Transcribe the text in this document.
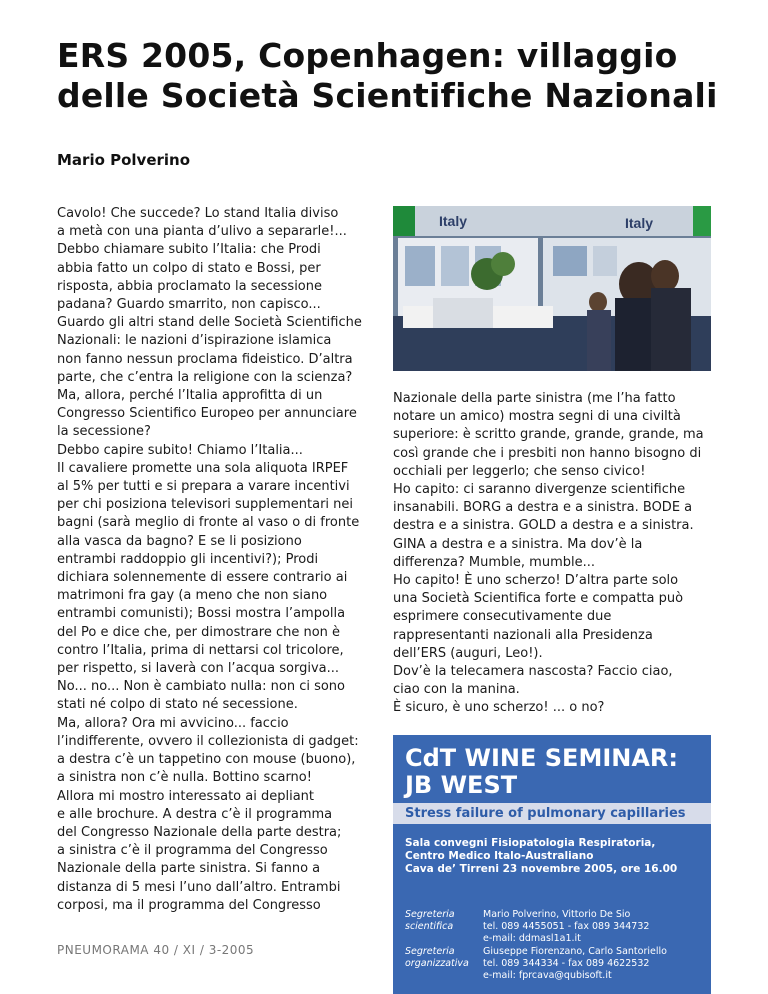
ERS 2005, Copenhagen: villaggio
delle Società Scientifiche Nazionali
Mario Polverino

Cavolo! Che succede? Lo stand Italia diviso

a metà con una pianta d’ulivo a separarle!...

Debbo chiamare subito l’Italia: che Prodi

abbia fatto un colpo di stato e Bossi, per

risposta, abbia proclamato la secessione

padana? Guardo smarrito, non capisco...

Guardo gli altri stand delle Società Scientifiche

Nazionali: le nazioni d’ispirazione islamica

non fanno nessun proclama fideistico. D’altra

parte, che c’entra la religione con la scienza?

Ma, allora, perché l’Italia approfitta di un

Congresso Scientifico Europeo per annunciare

la secessione?

Debbo capire subito! Chiamo l’Italia...

Il cavaliere promette una sola aliquota IRPEF

al 5% per tutti e si prepara a varare incentivi

per chi posiziona televisori supplementari nei

bagni (sarà meglio di fronte al vaso o di fronte

alla vasca da bagno? E se li posiziono

entrambi raddoppio gli incentivi?); Prodi

dichiara solennemente di essere contrario ai

matrimoni fra gay (a meno che non siano

entrambi comunisti); Bossi mostra l’ampolla

del Po e dice che, per dimostrare che non è

contro l’Italia, prima di nettarsi col tricolore,

per rispetto, si laverà con l’acqua sorgiva...

No... no... Non è cambiato nulla: non ci sono

stati né colpo di stato né secessione.

Ma, allora? Ora mi avvicino... faccio

l’indifferente, ovvero il collezionista di gadget:

a destra c’è un tappetino con mouse (buono),

a sinistra non c’è nulla. Bottino scarno!

Allora mi mostro interessato ai depliant

e alle brochure. A destra c’è il programma

del Congresso Nazionale della parte destra;

a sinistra c’è il programma del Congresso

Nazionale della parte sinistra. Si fanno a

distanza di 5 mesi l’uno dall’altro. Entrambi

corposi, ma il programma del Congresso

Italy	Italy

Nazionale della parte sinistra (me l’ha fatto

notare un amico) mostra segni di una civiltà

superiore: è scritto grande, grande, grande, ma

così grande che i presbiti non hanno bisogno di

occhiali per leggerlo; che senso civico!

Ho capito: ci saranno divergenze scientifiche

insanabili. BORG a destra e a sinistra. BODE a

destra e a sinistra. GOLD a destra e a sinistra.

GINA a destra e a sinistra. Ma dov’è la

differenza? Mumble, mumble...

Ho capito! È uno scherzo! D’altra parte solo

una Società Scientifica forte e compatta può

esprimere consecutivamente due

rappresentanti nazionali alla Presidenza

dell’ERS (auguri, Leo!).

Dov’è la telecamera nascosta? Faccio ciao,

ciao con la manina.

È sicuro, è uno scherzo! ... o no?

PNEUMORAMA 40 / XI / 3-2005
CdT WINE SEMINAR:
JB WEST
Stress failure of pulmonary capillaries
Sala convegni Fisiopatologia Respiratoria,
Centro Medico Italo-Australiano
Cava de’ Tirreni 23 novembre 2005, ore 16.00
Segreteria
scientifica
Mario Polverino, Vittorio De Sio
tel. 089 4455051 - fax 089 344732
e-mail: ddmasl1a1.it
Segreteria
organizzativa
Giuseppe Fiorenzano, Carlo Santoriello
tel. 089 344334 - fax 089 4622532
e-mail: fprcava@qubisoft.it
